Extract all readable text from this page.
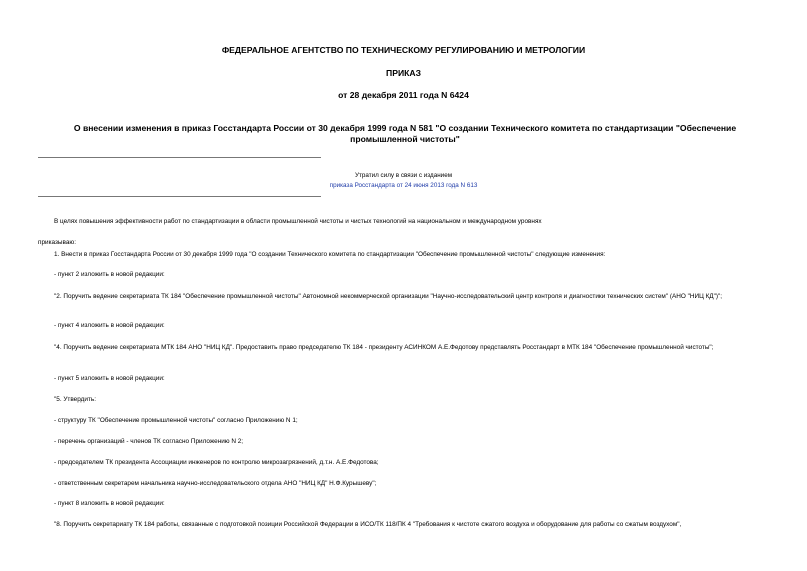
ФЕДЕРАЛЬНОЕ АГЕНТСТВО ПО ТЕХНИЧЕСКОМУ РЕГУЛИРОВАНИЮ И МЕТРОЛОГИИ
ПРИКАЗ
от 28 декабря 2011 года N 6424
О внесении изменения в приказ Госстандарта России от 30 декабря 1999 года N 581 "О создании Технического комитета по стандартизации "Обеспечение промышленной чистоты"
Утратил силу в связи с изданием
приказа Росстандарта от 24 июня 2013 года N 613
В целях повышения эффективности работ по стандартизации в области промышленной чистоты и чистых технологий на национальном и международном уровнях
приказываю:
1. Внести в приказ Госстандарта России от 30 декабря 1999 года "О создании Технического комитета по стандартизации "Обеспечение промышленной чистоты" следующие изменения:
- пункт 2 изложить в новой редакции:
"2. Поручить ведение секретариата ТК 184 "Обеспечение промышленной чистоты" Автономной некоммерческой организации "Научно-исследовательский центр контроля и диагностики технических систем" (АНО "НИЦ КД")";
- пункт 4 изложить в новой редакции:
"4. Поручить ведение секретариата МТК 184 АНО "НИЦ КД". Предоставить право председателю ТК 184 - президенту АСИНКОМ А.Е.Федотову представлять Росстандарт в МТК 184 "Обеспечение промышленной чистоты";
- пункт 5 изложить в новой редакции:
"5. Утвердить:
- структуру ТК "Обеспечение промышленной чистоты" согласно Приложению N 1;
- перечень организаций - членов ТК согласно Приложению N 2;
- председателем ТК президента Ассоциации инженеров по контролю микрозагрязнений, д.т.н. А.Е.Федотова;
- ответственным секретарем начальника научно-исследовательского отдела АНО "НИЦ КД" Н.Ф.Курышеву";
- пункт 8 изложить в новой редакции:
"8. Поручить секретариату ТК 184 работы, связанные с подготовкой позиции Российской Федерации в ИСО/ТК 118/ПК 4 "Требования к чистоте сжатого воздуха и оборудование для работы со сжатым воздухом",
